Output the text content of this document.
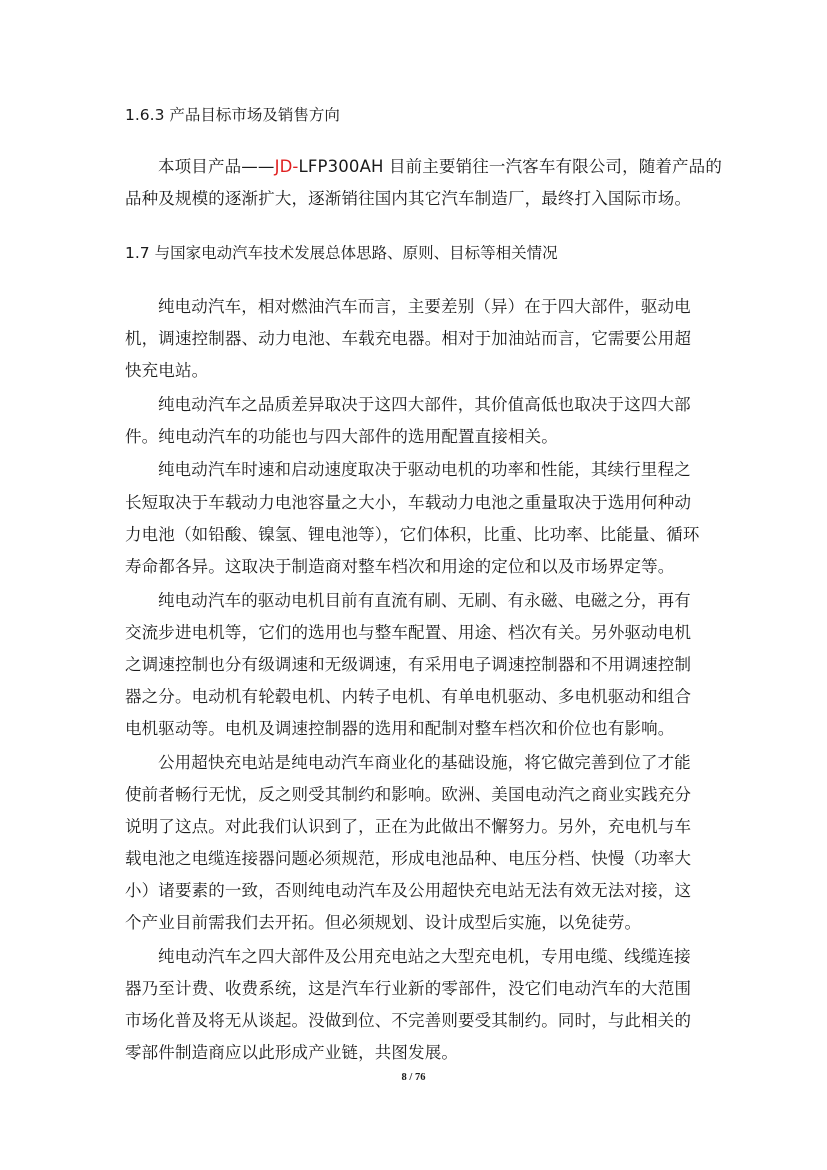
1.6.3 产品目标市场及销售方向
本项目产品——JD-LFP300AH 目前主要销往一汽客车有限公司，随着产品的
品种及规模的逐渐扩大，逐渐销往国内其它汽车制造厂，最终打入国际市场。
1.7 与国家电动汽车技术发展总体思路、原则、目标等相关情况
纯电动汽车，相对燃油汽车而言，主要差别（异）在于四大部件，驱动电
机，调速控制器、动力电池、车载充电器。相对于加油站而言，它需要公用超
快充电站。
纯电动汽车之品质差异取决于这四大部件，其价值高低也取决于这四大部
件。纯电动汽车的功能也与四大部件的选用配置直接相关。
纯电动汽车时速和启动速度取决于驱动电机的功率和性能，其续行里程之
长短取决于车载动力电池容量之大小，车载动力电池之重量取决于选用何种动
力电池（如铅酸、镍氢、锂电池等），它们体积，比重、比功率、比能量、循环
寿命都各异。这取决于制造商对整车档次和用途的定位和以及市场界定等。
纯电动汽车的驱动电机目前有直流有刷、无刷、有永磁、电磁之分，再有
交流步进电机等，它们的选用也与整车配置、用途、档次有关。另外驱动电机
之调速控制也分有级调速和无级调速，有采用电子调速控制器和不用调速控制
器之分。电动机有轮毂电机、内转子电机、有单电机驱动、多电机驱动和组合
电机驱动等。电机及调速控制器的选用和配制对整车档次和价位也有影响。
公用超快充电站是纯电动汽车商业化的基础设施，将它做完善到位了才能
使前者畅行无忧，反之则受其制约和影响。欧洲、美国电动汽之商业实践充分
说明了这点。对此我们认识到了，正在为此做出不懈努力。另外，充电机与车
载电池之电缆连接器问题必须规范，形成电池品种、电压分档、快慢（功率大
小）诸要素的一致，否则纯电动汽车及公用超快充电站无法有效无法对接，这
个产业目前需我们去开拓。但必须规划、设计成型后实施，以免徒劳。
纯电动汽车之四大部件及公用充电站之大型充电机，专用电缆、线缆连接
器乃至计费、收费系统，这是汽车行业新的零部件，没它们电动汽车的大范围
市场化普及将无从谈起。没做到位、不完善则要受其制约。同时，与此相关的
零部件制造商应以此形成产业链，共图发展。
8 / 76
